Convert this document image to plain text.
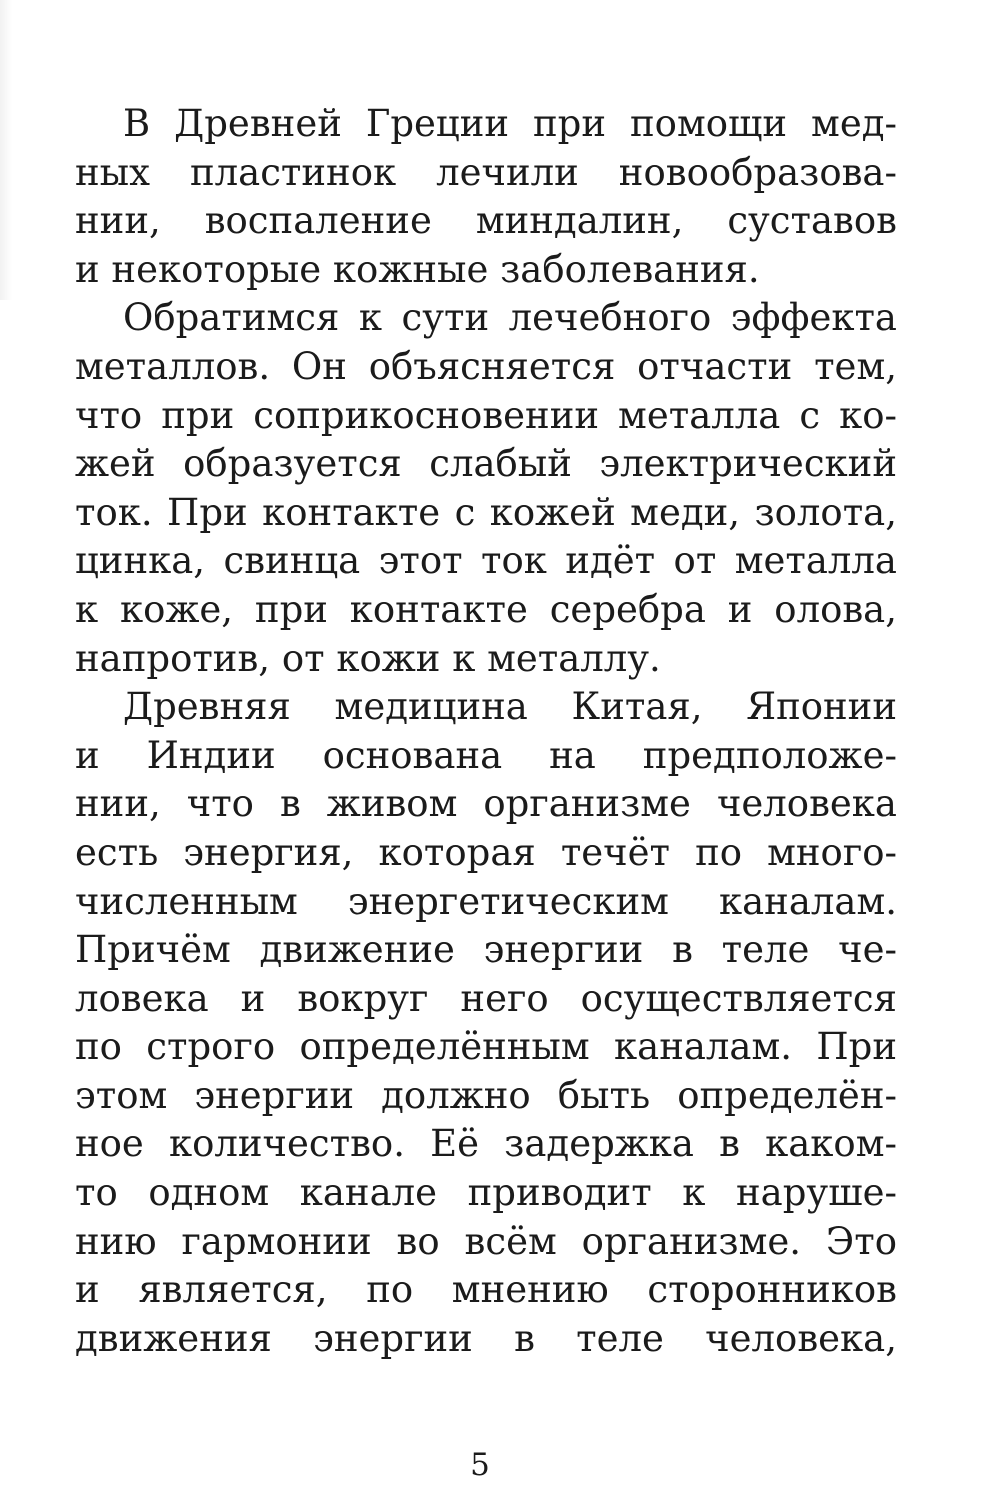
В Древней Греции при помощи мед-
ных пластинок лечили новообразова-
нии, воспаление миндалин, суставов
и некоторые кожные заболевания.
Обратимся к сути лечебного эффекта
металлов. Он объясняется отчасти тем,
что при соприкосновении металла с ко-
жей образуется слабый электрический
ток. При контакте с кожей меди, золота,
цинка, свинца этот ток идёт от металла
к коже, при контакте серебра и олова,
напротив, от кожи к металлу.
Древняя медицина Китая, Японии
и Индии основана на предположе-
нии, что в живом организме человека
есть энергия, которая течёт по много-
численным энергетическим каналам.
Причём движение энергии в теле че-
ловека и вокруг него осуществляется
по строго определённым каналам. При
этом энергии должно быть определён-
ное количество. Её задержка в каком-
то одном канале приводит к наруше-
нию гармонии во всём организме. Это
и является, по мнению сторонников
движения энергии в теле человека,
5
